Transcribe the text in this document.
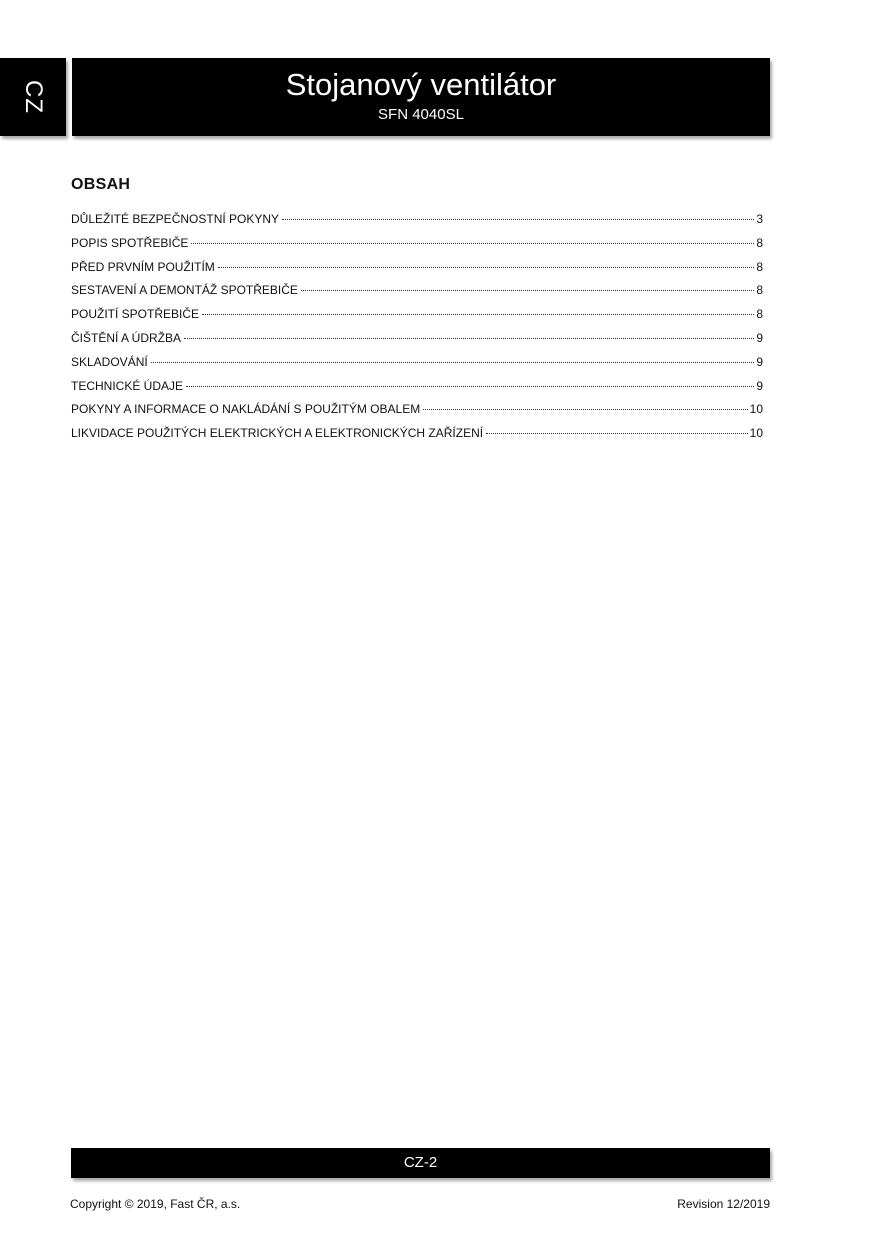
CZ	Stojanový ventilátor
SFN 4040SL
OBSAH
DŮLEŽITÉ BEZPEČNOSTNÍ POKYNY	3
POPIS SPOTŘEBIČE	8
PŘED PRVNÍM POUŽITÍM	8
SESTAVENÍ A DEMONTÁŽ SPOTŘEBIČE	8
POUŽITÍ SPOTŘEBIČE	8
ČIŠTĚNÍ A ÚDRŽBA	9
SKLADOVÁNÍ	9
TECHNICKÉ ÚDAJE	9
POKYNY A INFORMACE O NAKLÁDÁNÍ S POUŽITÝM OBALEM	10
LIKVIDACE POUŽITÝCH ELEKTRICKÝCH A ELEKTRONICKÝCH ZAŘÍZENÍ	10
CZ-2
Copyright © 2019, Fast ČR, a.s.	Revision 12/2019
